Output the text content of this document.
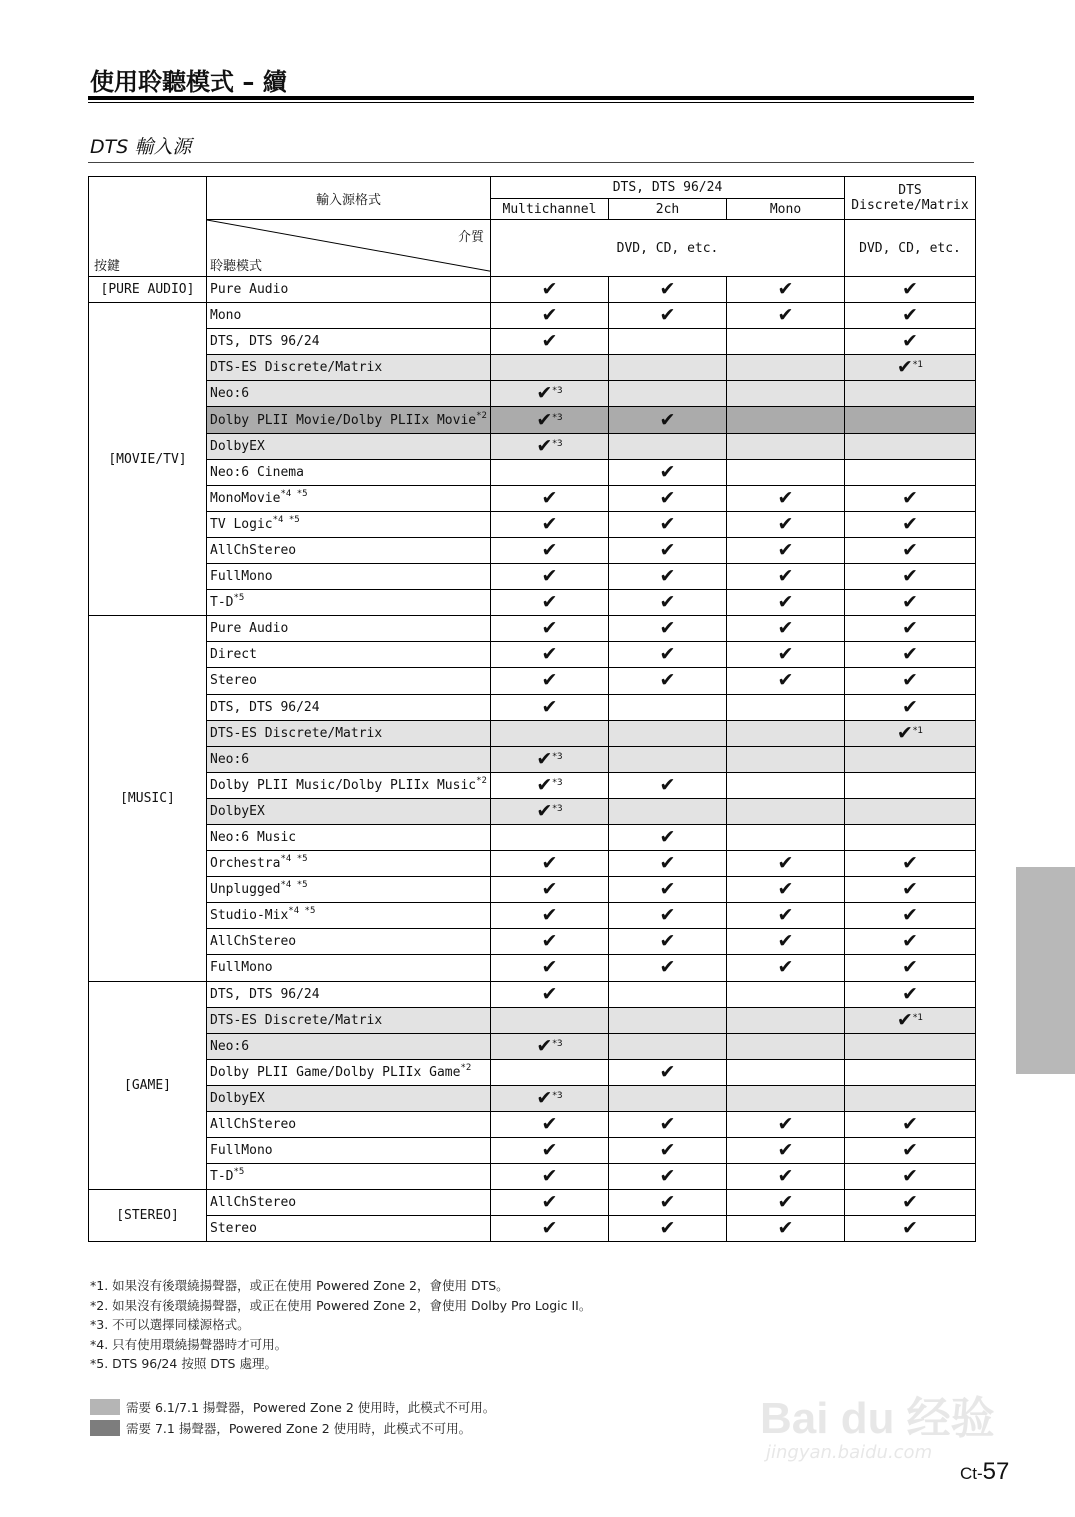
使用聆聽模式 – 續
DTS 輸入源
按鍵	輸入源格式	DTS, DTS 96/24			DTS Discrete/Matrix
		Multichannel	2ch	Mono	

	介質
聆聽模式	DVD, CD, etc.			DVD, CD, etc.
[PURE AUDIO]	Pure Audio	✔	✔	✔	✔
[MOVIE/TV]	Mono	✔	✔	✔	✔
	DTS, DTS 96/24	✔			✔
	DTS-ES Discrete/Matrix				✔$^{*1}$
	Neo:6	✔$^{*3}$			
	Dolby PLII Movie/Dolby PLIIx Movie$^{*2}$	✔$^{*3}$	✔		
	DolbyEX	✔$^{*3}$			
	Neo:6 Cinema		✔		
	MonoMovie$^{*4 *5}$	✔	✔	✔	✔
	TV Logic$^{*4 *5}$	✔	✔	✔	✔
	AllChStereo	✔	✔	✔	✔
	FullMono	✔	✔	✔	✔
	$T-D^{*5}$	✔	✔	✔	✔
[MUSIC]	Pure Audio	✔	✔	✔	✔
	Direct	✔	✔	✔	✔
	Stereo	✔	✔	✔	✔
	DTS, DTS 96/24	✔			✔
	DTS-ES Discrete/Matrix				✔$^{*1}$
	Neo:6	✔$^{*3}$			
	Dolby PLII Music/Dolby PLIIx Music$^{*2}$	✔$^{*3}$	✔		
	DolbyEX	✔$^{*3}$			
	Neo:6 Music		✔		
	Orchestra$^{*4 *5}$	✔	✔	✔	✔
	Unplugged$^{*4 *5}$	✔	✔	✔	✔
	Studio-Mix$^{*4 *5}$	✔	✔	✔	✔
	AllChStereo	✔	✔	✔	✔
	FullMono	✔	✔	✔	✔
[GAME]	DTS, DTS 96/24	✔			✔
	DTS-ES Discrete/Matrix				✔$^{*1}$
	Neo:6	✔$^{*3}$			
	Dolby PLII Game/Dolby PLIIx Game$^{*2}$		✔		
	DolbyEX	✔$^{*3}$			
	AllChStereo	✔	✔	✔	✔
	FullMono	✔	✔	✔	✔
	$T-D^{*5}$	✔	✔	✔	✔
[STEREO]	AllChStereo	✔	✔	✔	✔
	Stereo	✔	✔	✔	✔
*1. 如果沒有後環繞揚聲器，或正在使用 Powered Zone 2，會使用 DTS。
*2. 如果沒有後環繞揚聲器，或正在使用 Powered Zone 2，會使用 Dolby Pro Logic II。
*3. 不可以選擇同樣源格式。
*4. 只有使用環繞揚聲器時才可用。
*5. DTS 96/24 按照 DTS 處理。
需要 6.1/7.1 揚聲器，Powered Zone 2 使用時，此模式不可用。
需要 7.1 揚聲器，Powered Zone 2 使用時，此模式不可用。	Bai du 经验
jingyan.baidu.com
Ct-57
